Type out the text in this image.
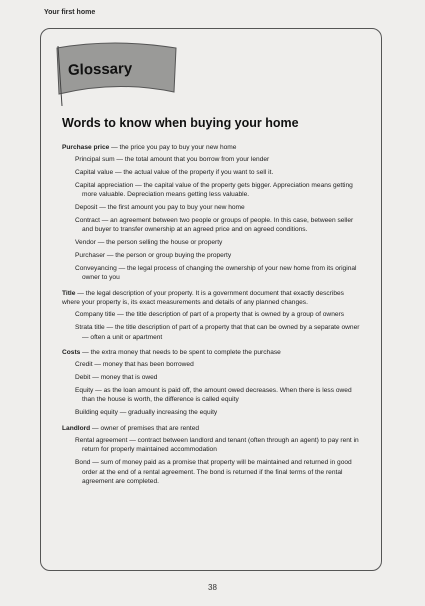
Your first home
Glossary
Words to know when buying your home
Purchase price — the price you pay to buy your new home
Principal sum — the total amount that you borrow from your lender
Capital value — the actual value of the property if you want to sell it.
Capital appreciation — the capital value of the property gets bigger. Appreciation means getting more valuable. Depreciation means getting less valuable.
Deposit — the first amount you pay to buy your new home
Contract — an agreement between two people or groups of people. In this case, between seller and buyer to transfer ownership at an agreed price and on agreed conditions.
Vendor — the person selling the house or property
Purchaser — the person or group buying the property
Conveyancing — the legal process of changing the ownership of your new home from its original owner to you
Title — the legal description of your property. It is a government document that exactly describes where your property is, its exact measurements and details of any planned changes.
Company title — the title description of part of a property that is owned by a group of owners
Strata title — the title description of part of a property that that can be owned by a separate owner — often a unit or apartment
Costs — the extra money that needs to be spent to complete the purchase
Credit — money that has been borrowed
Debit — money that is owed
Equity — as the loan amount is paid off, the amount owed decreases. When there is less owed than the house is worth, the difference is called equity
Building equity — gradually increasing the equity
Landlord — owner of premises that are rented
Rental agreement — contract between landlord and tenant (often through an agent) to pay rent in return for properly maintained accommodation
Bond — sum of money paid as a promise that property will be maintained and returned in good order at the end of a rental agreement. The bond is returned if the final terms of the rental agreement are completed.
38
